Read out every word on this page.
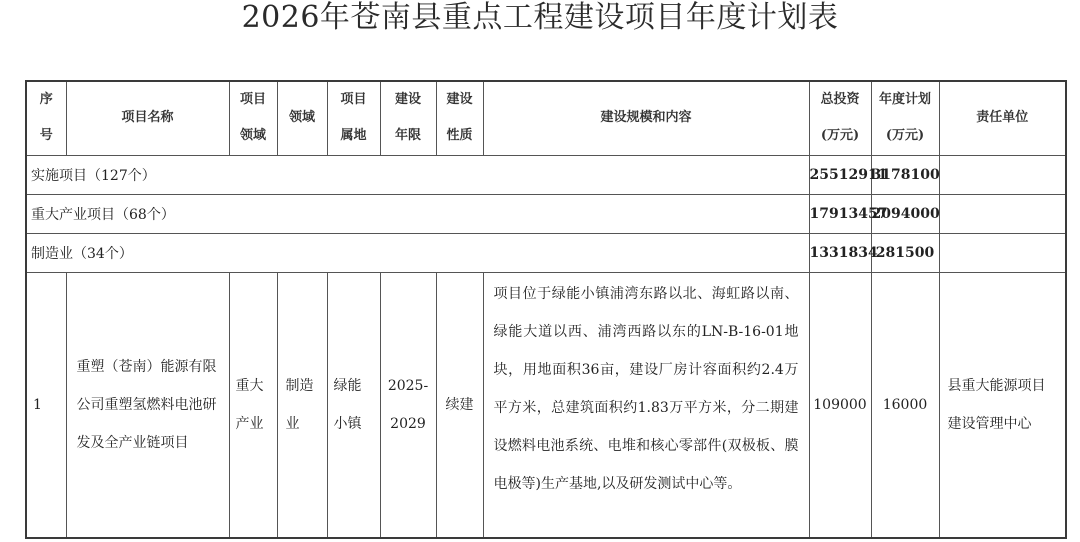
2026年苍南县重点工程建设项目年度计划表
序号	项目名称	项目领域	领域	项目属地	建设年限	建设性质	建设规模和内容	总投资(万元)	年度计划(万元)	责任单位
实施项目（127个）								25512911	3178100	
重大产业项目（68个）								17913457	2094000	
制造业（34个）								1331834	281500	
1	重塑（苍南）能源有限公司重塑氢燃料电池研发及全产业链项目	重大产业	制造业	绿能小镇	2025-2029	续建	项目位于绿能小镇浦湾东路以北、海虹路以南、绿能大道以西、浦湾西路以东的LN-B-16-01地块，用地面积36亩，建设厂房计容面积约2.4万平方米，总建筑面积约1.83万平方米，分二期建设燃料电池系统、电堆和核心零部件(双极板、膜电极等)生产基地,以及研发测试中心等。	109000	16000	县重大能源项目建设管理中心
